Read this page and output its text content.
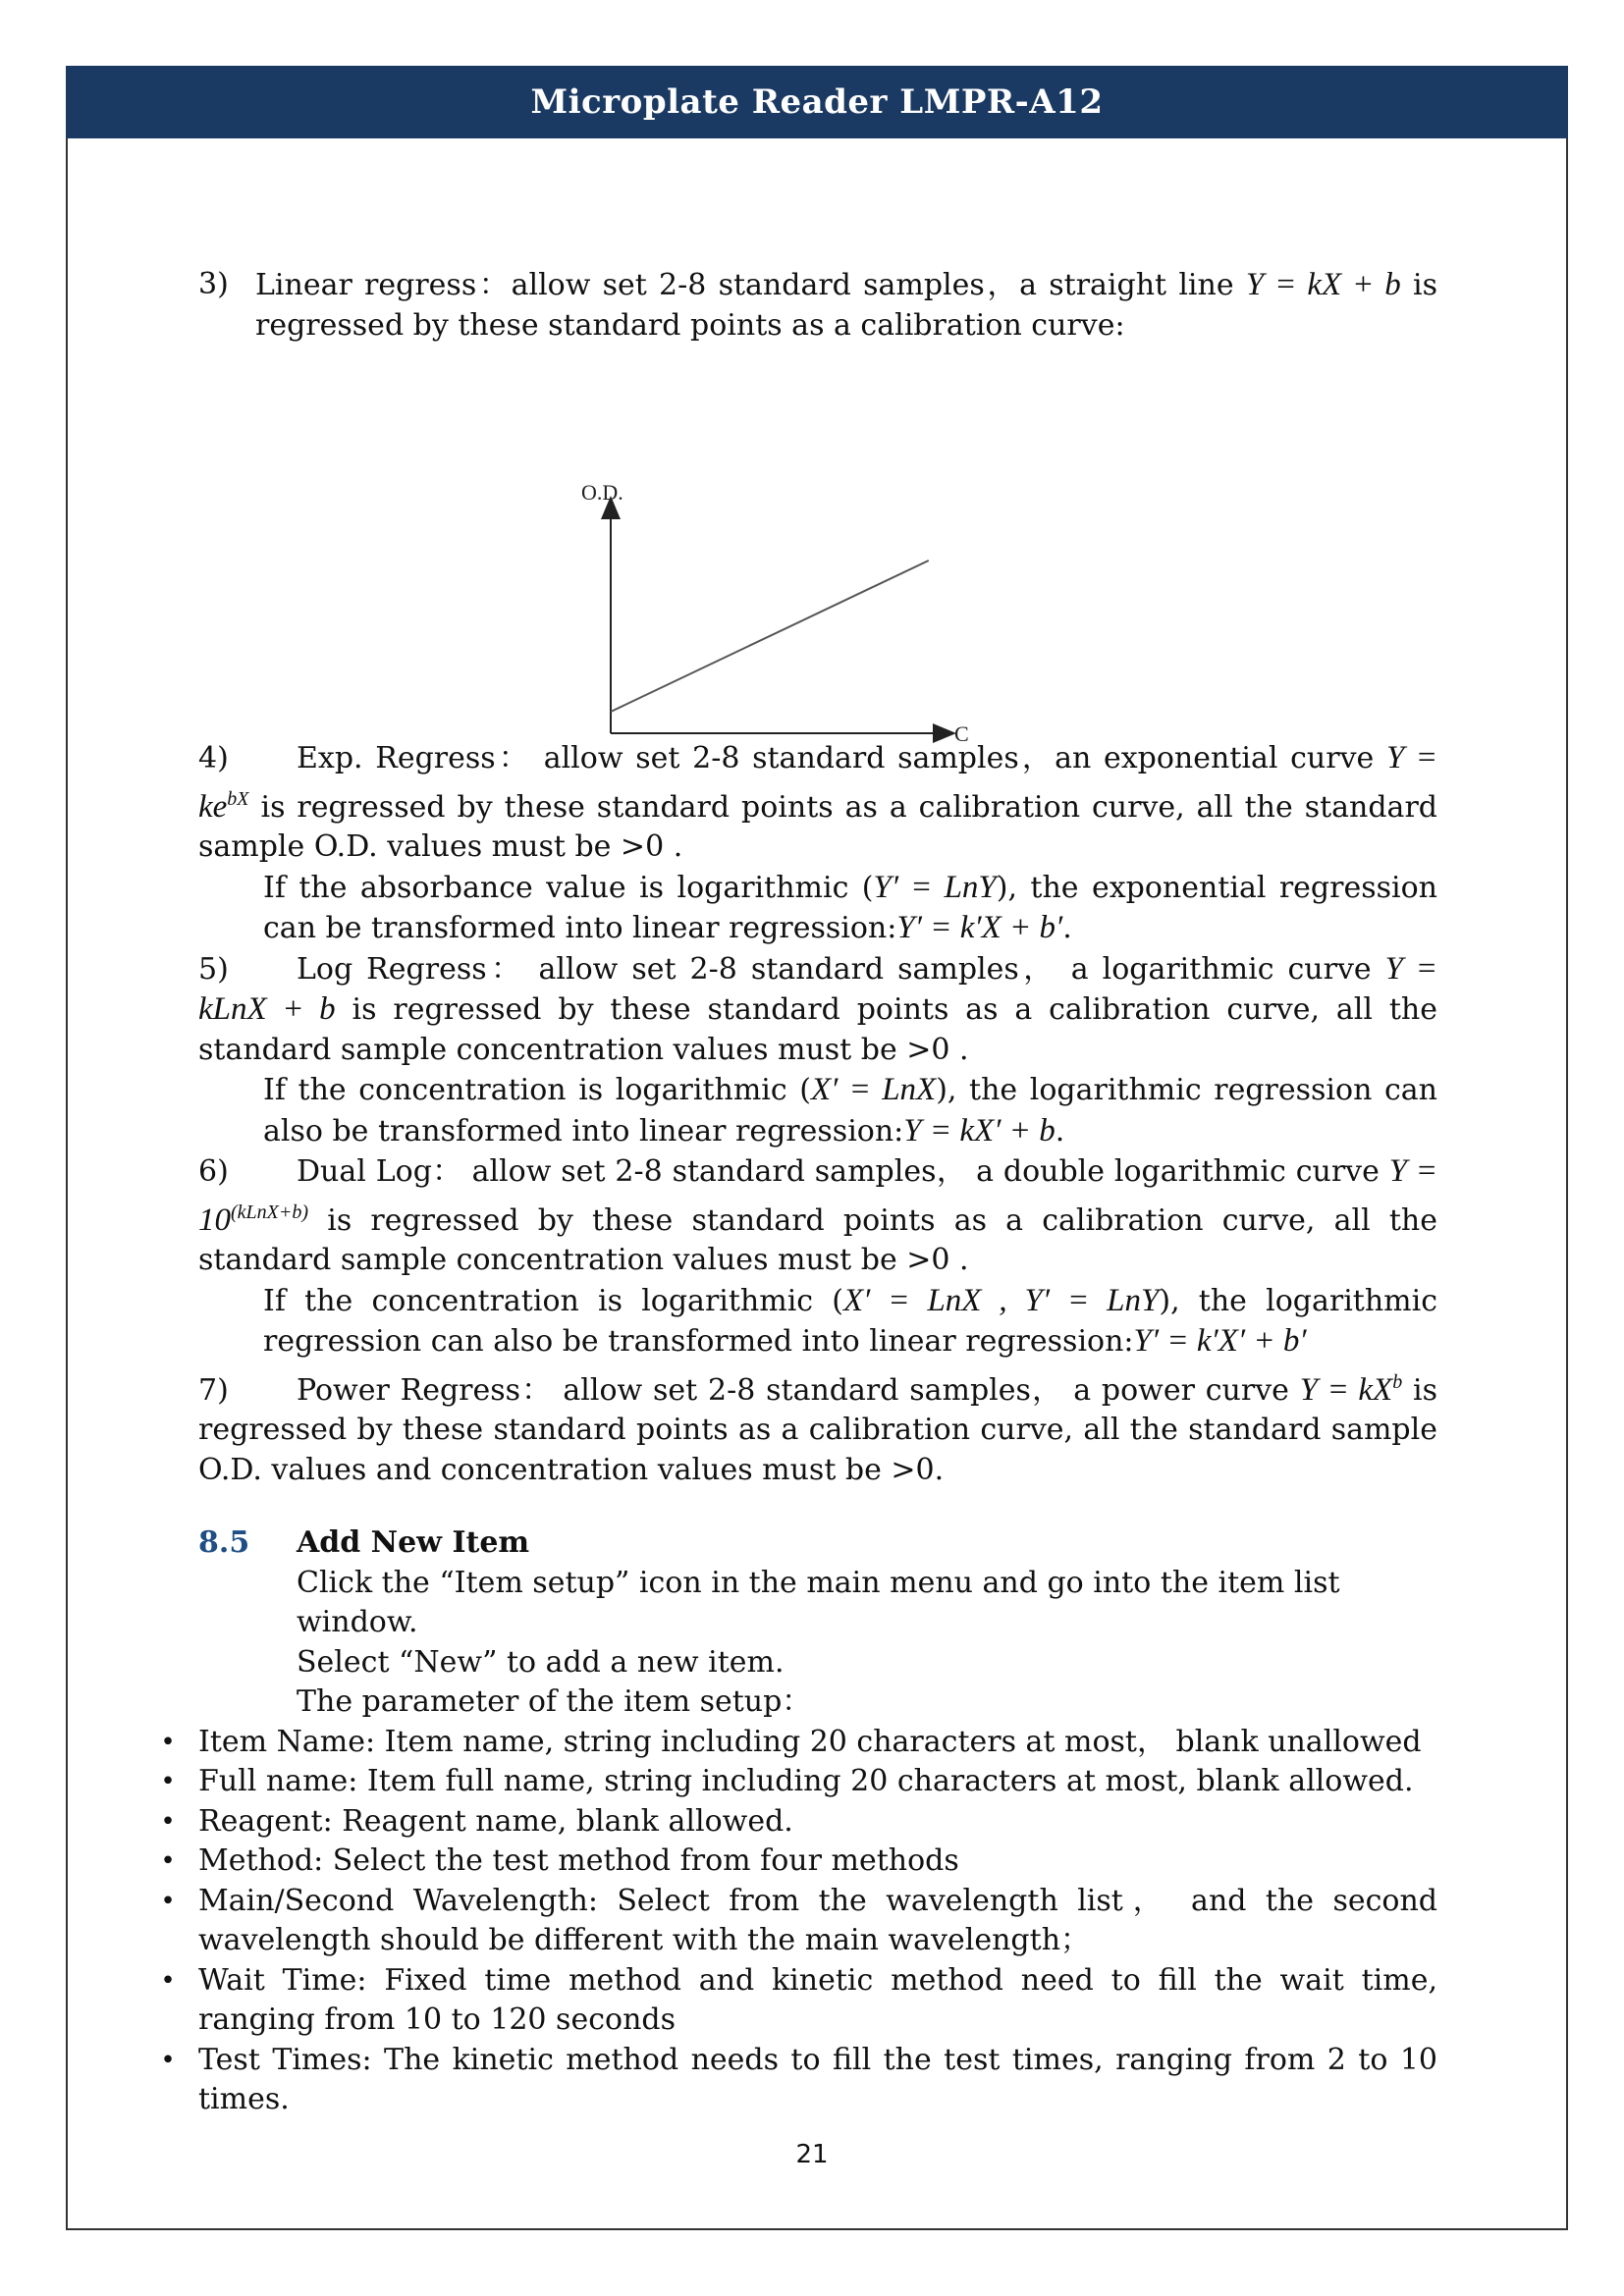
Microplate Reader LMPR-A12
3) Linear regress：allow set 2-8 standard samples，a straight line Y = kX + b is regressed by these standard points as a calibration curve:

O.D.
C

4) Exp. Regress： allow set 2-8 standard samples，an exponential curve $Y = ke^{bX}$ is regressed by these standard points as a calibration curve, all the standard sample O.D. values must be >0 .

If the absorbance value is logarithmic (Y′ = LnY), the exponential regression can be transformed into linear regression:Y′ = k′X + b′.

5) Log Regress： allow set 2-8 standard samples， a logarithmic curve Y = kLnX + b is regressed by these standard points as a calibration curve, all the standard sample concentration values must be >0 .

If the concentration is logarithmic (X′ = LnX), the logarithmic regression can also be transformed into linear regression:Y = kX′ + b.

6) Dual Log： allow set 2-8 standard samples， a double logarithmic curve $Y = 10^{(kLnX+b)}$ is regressed by these standard points as a calibration curve, all the standard sample concentration values must be >0 .

If the concentration is logarithmic (X′ = LnX , Y′ = LnY), the logarithmic regression can also be transformed into linear regression:Y′ = k′X′ + b′

7) Power Regress： allow set 2-8 standard samples， a power curve $Y = kX^b$ is regressed by these standard points as a calibration curve, all the standard sample O.D. values and concentration values must be >0.

8.5	Add New Item

Click the “Item setup” icon in the main menu and go into the item list window.

Select “New” to add a new item.

The parameter of the item setup：

• Item Name: Item name, string including 20 characters at most， blank unallowed
• Full name: Item full name, string including 20 characters at most, blank allowed.
• Reagent: Reagent name, blank allowed.
• Method: Select the test method from four methods
• Main/Second Wavelength: Select from the wavelength list， and the second wavelength should be different with the main wavelength；
• Wait Time: Fixed time method and kinetic method need to fill the wait time, ranging from 10 to 120 seconds
• Test Times: The kinetic method needs to fill the test times, ranging from 2 to 10 times.
21
